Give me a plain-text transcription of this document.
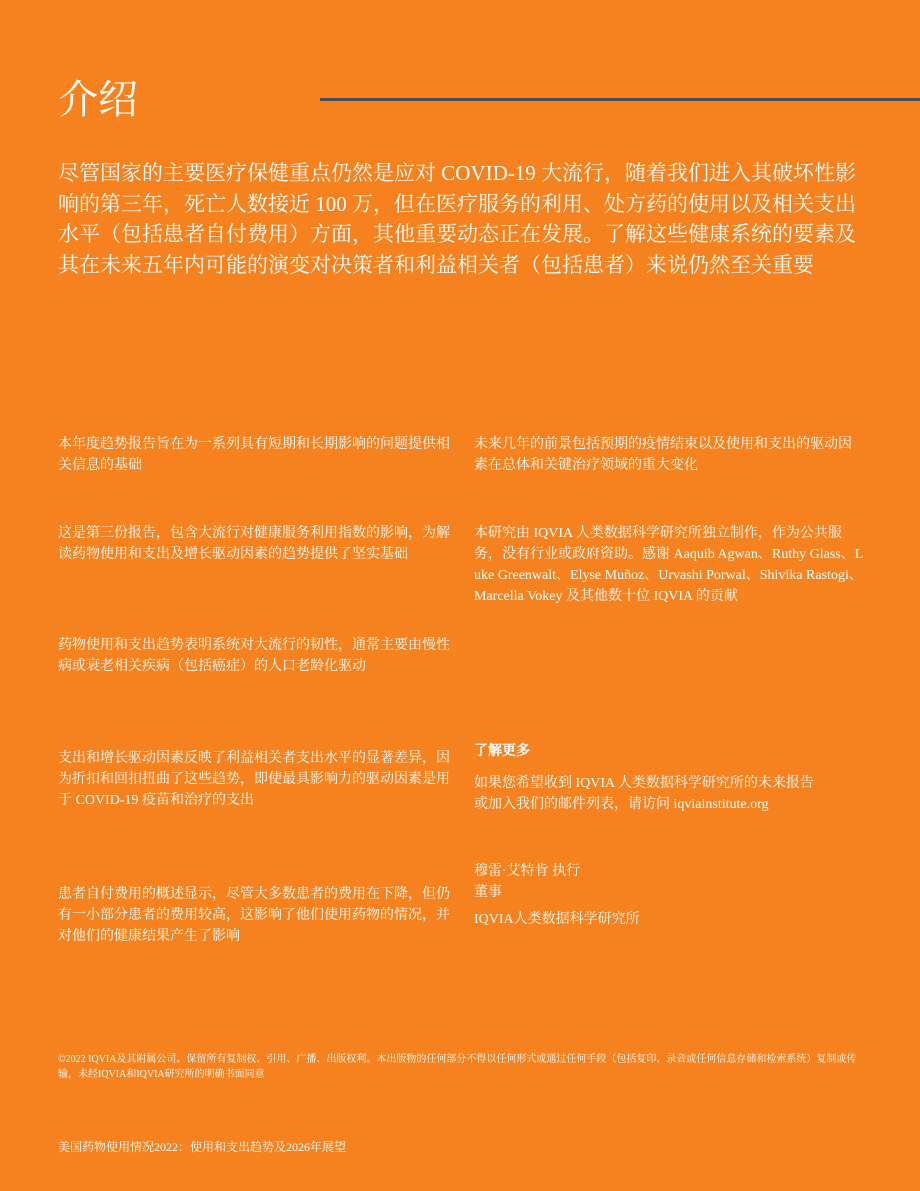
介绍

尽管国家的主要医疗保健重点仍然是应对 COVID-19 大流行，随着我们进入其破坏性影响的第三年，死亡人数接近 100 万，但在医疗服务的利用、处方药的使用以及相关支出水平（包括患者自付费用）方面，其他重要动态正在发展。了解这些健康系统的要素及其在未来五年内可能的演变对决策者和利益相关者（包括患者）来说仍然至关重要

本年度趋势报告旨在为一系列具有短期和长期影响的问题提供相关信息的基础

这是第三份报告，包含大流行对健康服务利用指数的影响，为解读药物使用和支出及增长驱动因素的趋势提供了坚实基础

药物使用和支出趋势表明系统对大流行的韧性，通常主要由慢性病或衰老相关疾病（包括癌症）的人口老龄化驱动

支出和增长驱动因素反映了利益相关者支出水平的显著差异，因为折扣和回扣扭曲了这些趋势，即使最具影响力的驱动因素是用于 COVID-19 疫苗和治疗的支出

患者自付费用的概述显示，尽管大多数患者的费用在下降，但仍有一小部分患者的费用较高，这影响了他们使用药物的情况，并对他们的健康结果产生了影响

未来几年的前景包括预期的疫情结束以及使用和支出的驱动因素在总体和关键治疗领域的重大变化

本研究由 IQVIA 人类数据科学研究所独立制作，作为公共服务，没有行业或政府资助。感谢 Aaquib Agwan、Ruthy Glass、Luke Greenwalt、Elyse Muñoz、Urvashi Porwal、Shivika Rastogi、Marcella Vokey 及其他数十位 IQVIA 的贡献

了解更多

如果您希望收到 IQVIA 人类数据科学研究所的未来报告或加入我们的邮件列表，请访问 iqviainstitute.org

穆雷·艾特肯 执行

董事

IQVIA人类数据科学研究所

©2022 IQVIA及其附属公司。保留所有复制权、引用、广播、出版权利。本出版物的任何部分不得以任何形式或通过任何手段（包括复印、录音或任何信息存储和检索系统）复制或传输，未经IQVIA和IQVIA研究所的明确书面同意

美国药物使用情况2022：使用和支出趋势及2026年展望
